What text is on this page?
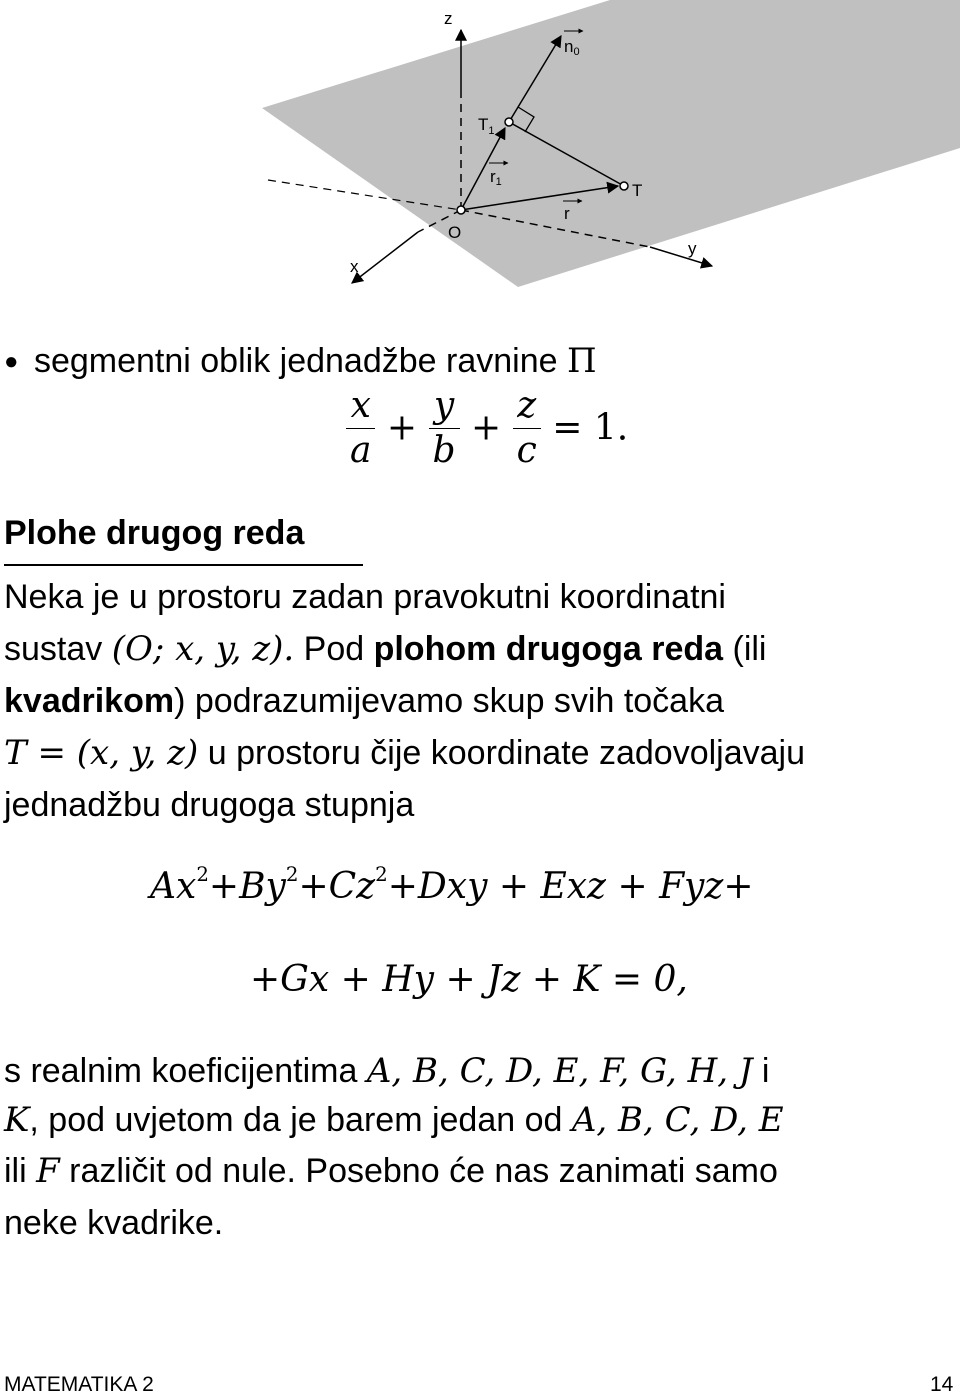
z
x
y
O
$T_1$
T
n0
r1
r
● segmentni oblik jednadžbe ravnine Π
$\frac{x}{a} + \frac{y}{b} + \frac{z}{c} = 1$.
Plohe drugog reda
Neka je u prostoru zadan pravokutni koordinatni
sustav (O; x, y, z). Pod plohom drugoga reda (ili
kvadrikom) podrazumijevamo skup svih točaka
T = (x, y, z) u prostoru čije koordinate zadovoljavaju
jednadžbu drugoga stupnja
$Ax^2+By^2+Cz^2+Dxy$ + Exz + Fyz+
+Gx + Hy + Jz + K = 0,
s realnim koeficijentima A, B, C, D, E, F, G, H, J i
K, pod uvjetom da je barem jedan od A, B, C, D, E
ili F različit od nule. Posebno će nas zanimati samo
neke kvadrike.
MATEMATIKA 2	14
